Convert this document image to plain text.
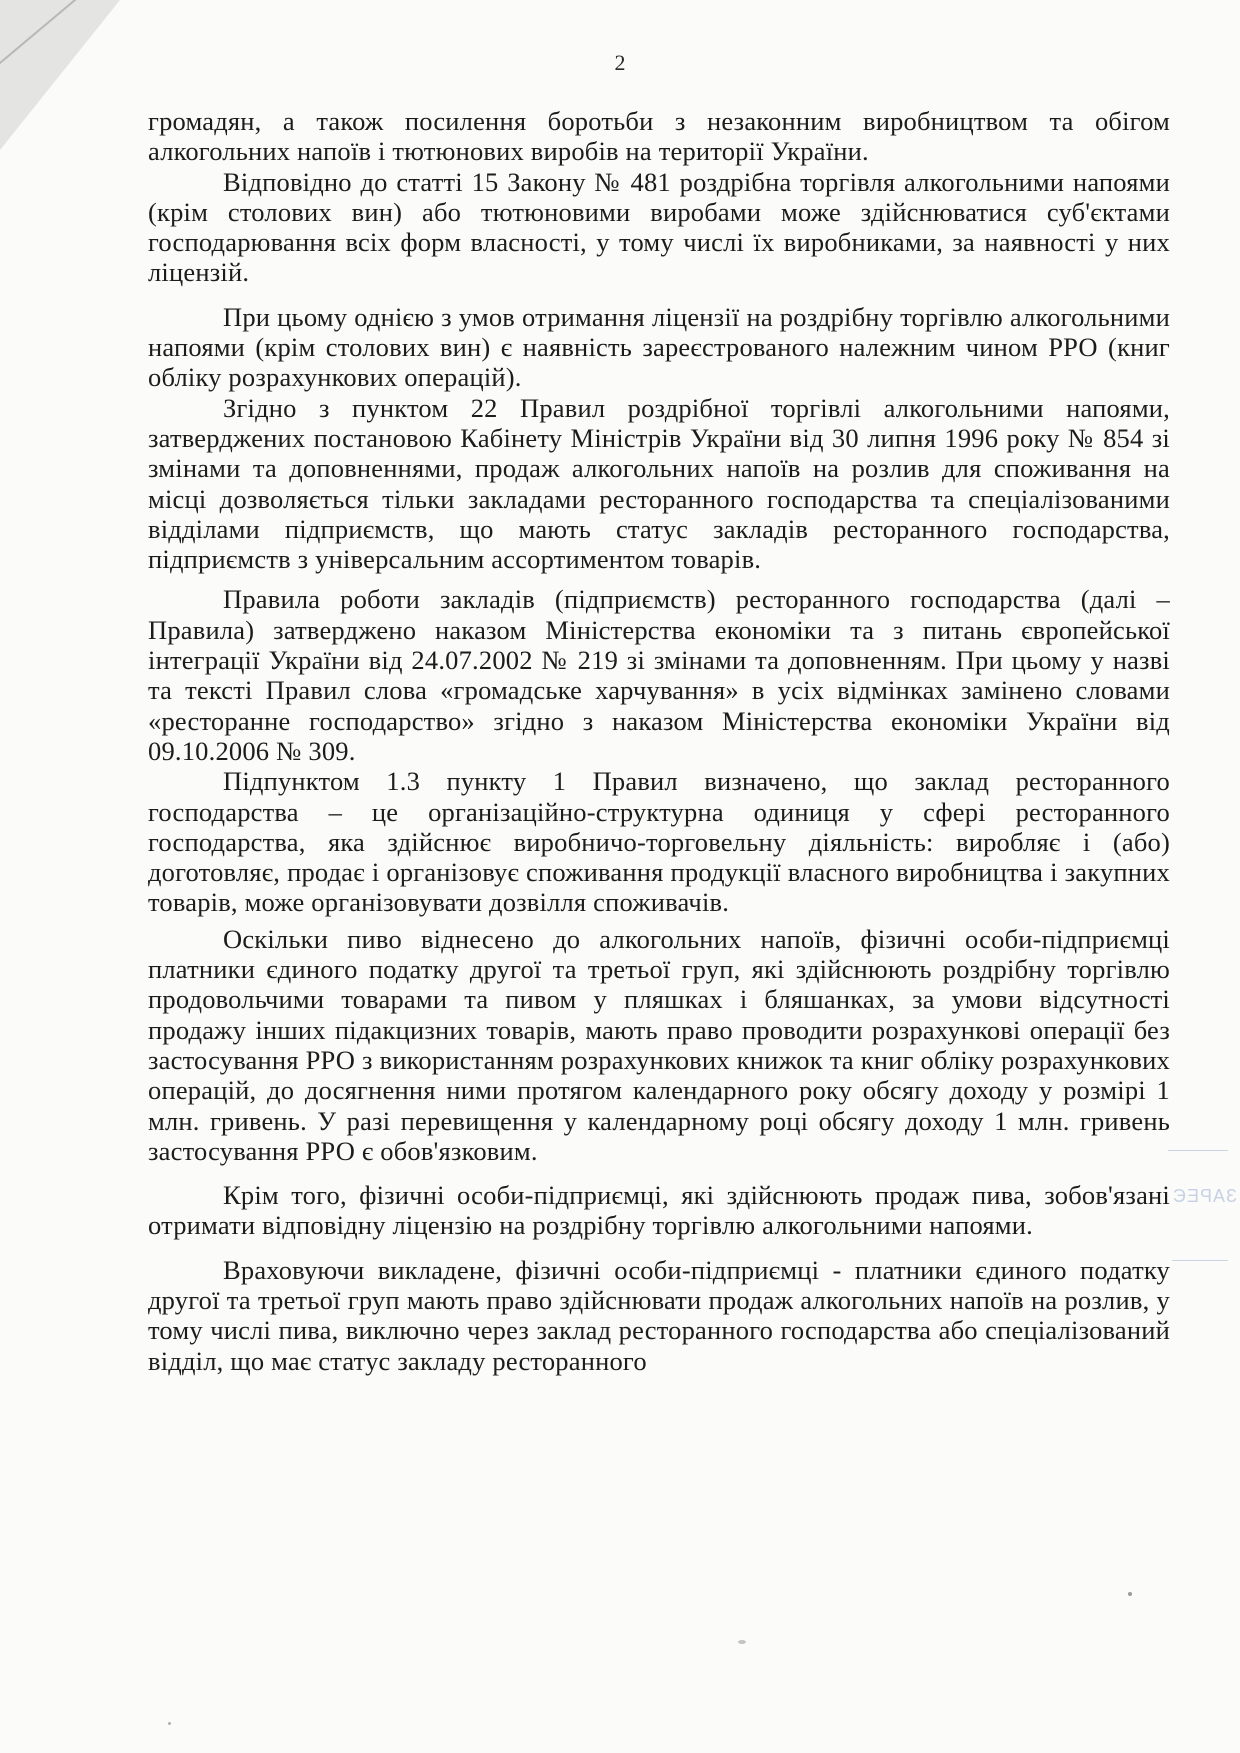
2

громадян, а також посилення боротьби з незаконним виробництвом та обігом алкогольних напоїв і тютюнових виробів на території України.

Відповідно до статті 15 Закону № 481 роздрібна торгівля алкогольними напоями (крім столових вин) або тютюновими виробами може здійснюватися суб'єктами господарювання всіх форм власності, у тому числі їх виробниками, за наявності у них ліцензій.

При цьому однією з умов отримання ліцензії на роздрібну торгівлю алкогольними напоями (крім столових вин) є наявність зареєстрованого належним чином РРО (книг обліку розрахункових операцій).

Згідно з пунктом 22 Правил роздрібної торгівлі алкогольними напоями, затверджених постановою Кабінету Міністрів України від 30 липня 1996 року № 854 зі змінами та доповненнями, продаж алкогольних напоїв на розлив для споживання на місці дозволяється тільки закладами ресторанного господарства та спеціалізованими відділами підприємств, що мають статус закладів ресторанного господарства, підприємств з універсальним ассортиментом товарів.

Правила роботи закладів (підприємств) ресторанного господарства (далі – Правила) затверджено наказом Міністерства економіки та з питань європейської інтеграції України від 24.07.2002 № 219 зі змінами та доповненням. При цьому у назві та тексті Правил слова «громадське харчування» в усіх відмінках замінено словами «ресторанне господарство» згідно з наказом Міністерства економіки України від 09.10.2006 № 309.

Підпунктом 1.3 пункту 1 Правил визначено, що заклад ресторанного господарства – це організаційно-структурна одиниця у сфері ресторанного господарства, яка здійснює виробничо-торговельну діяльність: виробляє і (або) доготовляє, продає і організовує споживання продукції власного виробництва і закупних товарів, може організовувати дозвілля споживачів.

Оскільки пиво віднесено до алкогольних напоїв, фізичні особи-підприємці платники єдиного податку другої та третьої груп, які здійснюють роздрібну торгівлю продовольчими товарами та пивом у пляшках і бляшанках, за умови відсутності продажу інших підакцизних товарів, мають право проводити розрахункові операції без застосування РРО з використанням розрахункових книжок та книг обліку розрахункових операцій, до досягнення ними протягом календарного року обсягу доходу у розмірі 1 млн. гривень. У разі перевищення у календарному році обсягу доходу 1 млн. гривень застосування РРО є обов'язковим.

Крім того, фізичні особи-підприємці, які здійснюють продаж пива, зобов'язані отримати відповідну ліцензію на роздрібну торгівлю алкогольними напоями.

Враховуючи викладене, фізичні особи-підприємці - платники єдиного податку другої та третьої груп мають право здійснювати продаж алкогольних напоїв на розлив, у тому числі пива, виключно через заклад ресторанного господарства або спеціалізований відділ, що має статус закладу ресторанного

ЗАРЕЄ
